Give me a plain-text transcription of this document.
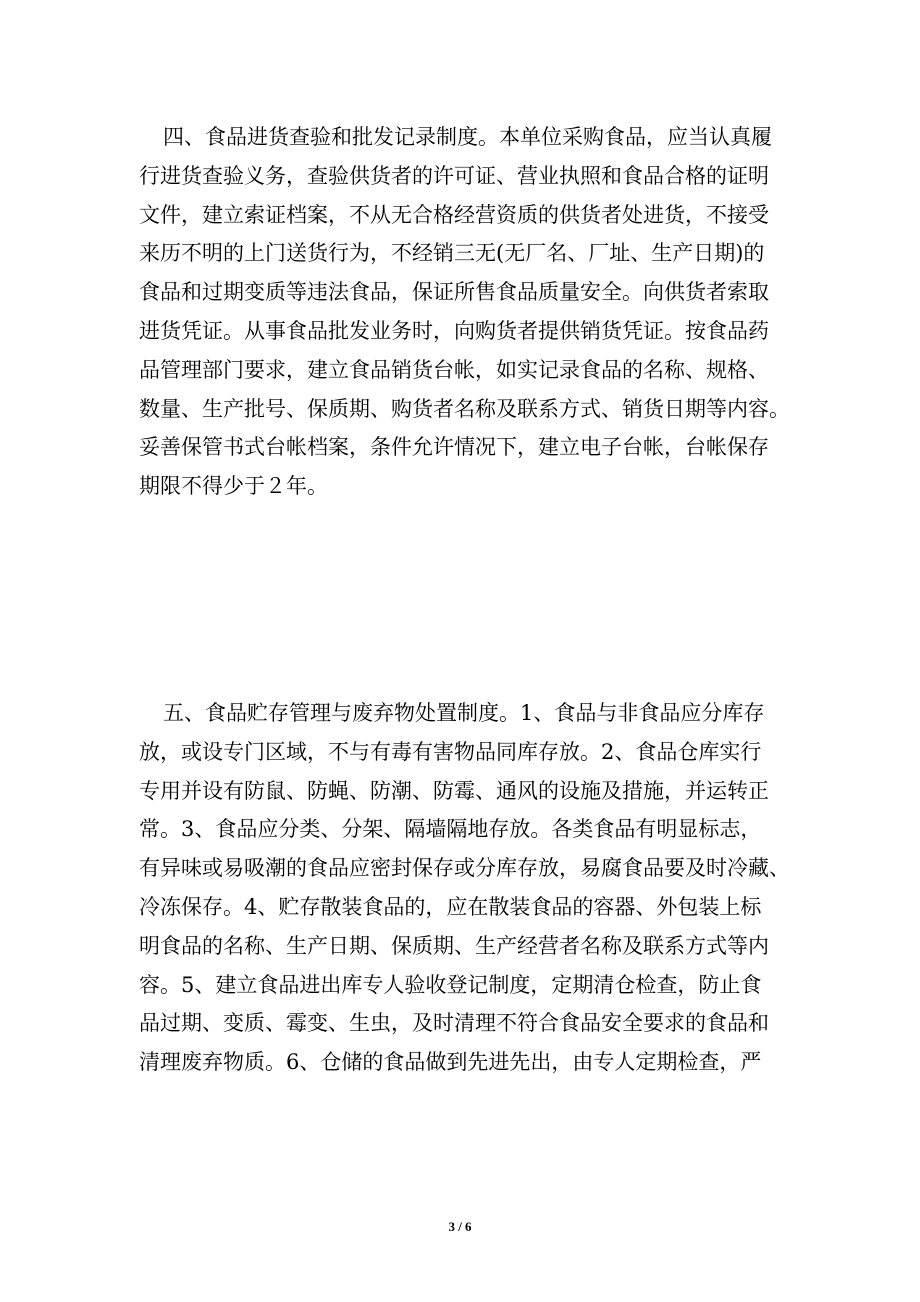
四、食品进货查验和批发记录制度。本单位采购食品，应当认真履
行进货查验义务，查验供货者的许可证、营业执照和食品合格的证明
文件，建立索证档案，不从无合格经营资质的供货者处进货，不接受
来历不明的上门送货行为，不经销三无(无厂名、厂址、生产日期)的
食品和过期变质等违法食品，保证所售食品质量安全。向供货者索取
进货凭证。从事食品批发业务时，向购货者提供销货凭证。按食品药
品管理部门要求，建立食品销货台帐，如实记录食品的名称、规格、
数量、生产批号、保质期、购货者名称及联系方式、销货日期等内容。
妥善保管书式台帐档案，条件允许情况下，建立电子台帐，台帐保存
期限不得少于２年。
五、食品贮存管理与废弃物处置制度。1、食品与非食品应分库存
放，或设专门区域，不与有毒有害物品同库存放。2、食品仓库实行
专用并设有防鼠、防蝇、防潮、防霉、通风的设施及措施，并运转正
常。3、食品应分类、分架、隔墙隔地存放。各类食品有明显标志，
有异味或易吸潮的食品应密封保存或分库存放，易腐食品要及时冷藏、
冷冻保存。4、贮存散装食品的，应在散装食品的容器、外包装上标
明食品的名称、生产日期、保质期、生产经营者名称及联系方式等内
容。5、建立食品进出库专人验收登记制度，定期清仓检查，防止食
品过期、变质、霉变、生虫，及时清理不符合食品安全要求的食品和
清理废弃物质。6、仓储的食品做到先进先出，由专人定期检查，严
3 / 6
